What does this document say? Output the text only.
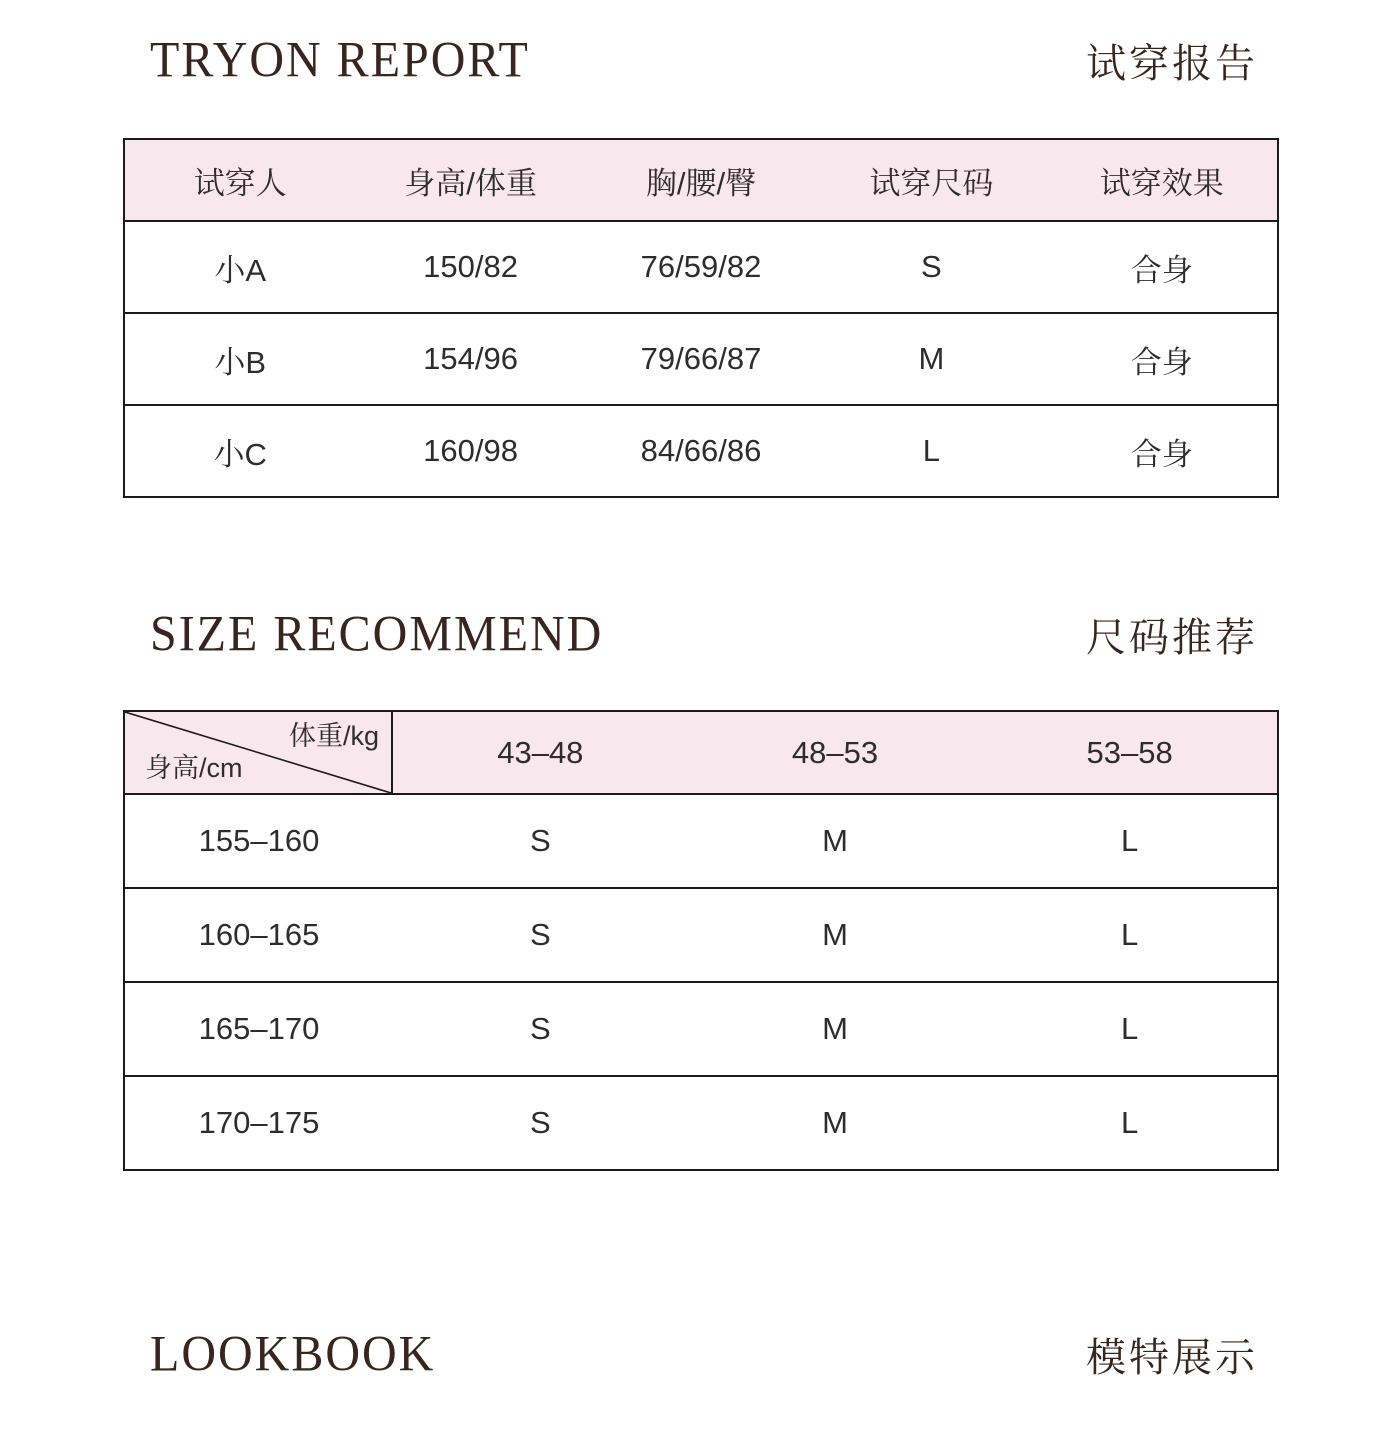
TRYON REPORT	试穿报告
试穿人	身高/体重	胸/腰/臀	试穿尺码	试穿效果
小A	150/82	76/59/82	S	合身
小B	154/96	79/66/87	M	合身
小C	160/98	84/66/86	L	合身
SIZE RECOMMEND	尺码推荐
体重/kg
身高/cm	43–48	48–53	53–58
155–160	S	M	L
160–165	S	M	L
165–170	S	M	L
170–175	S	M	L
LOOKBOOK	模特展示
